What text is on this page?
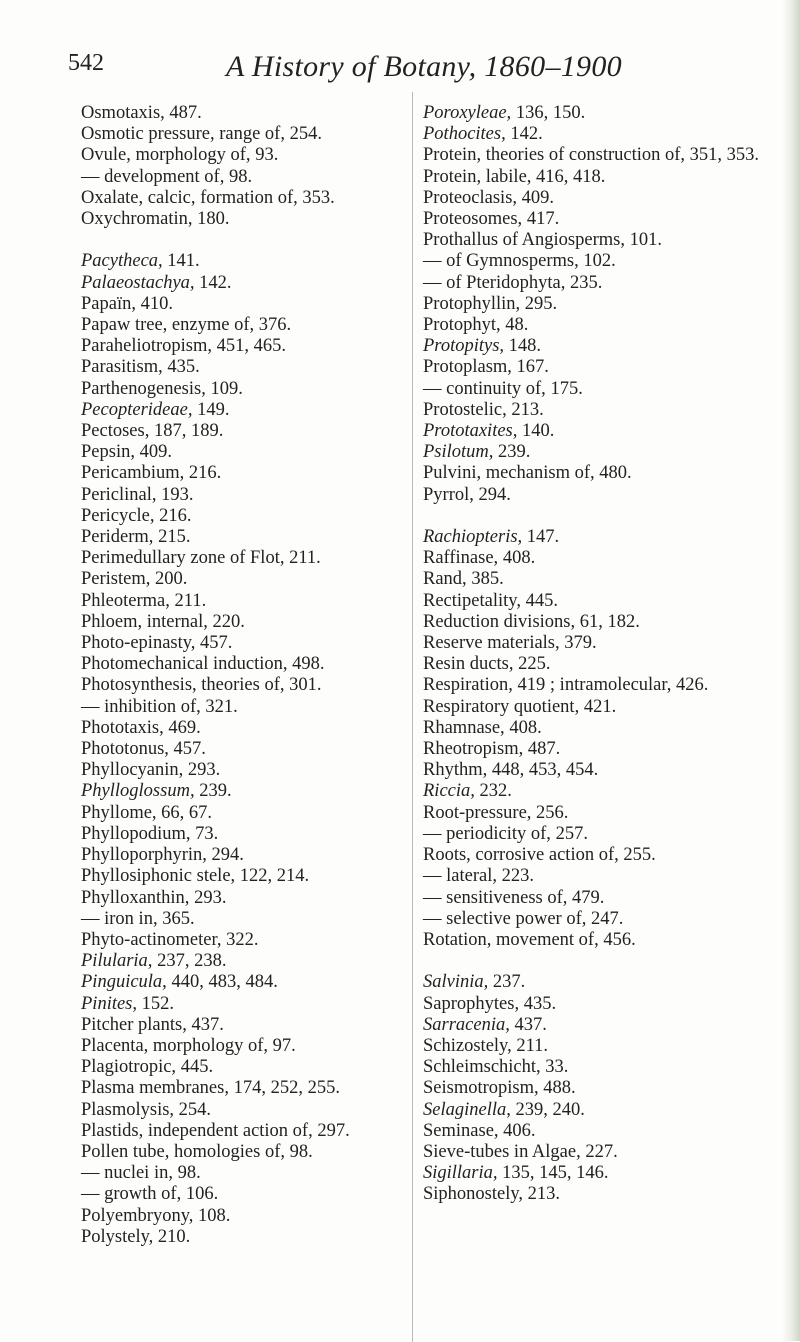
542	A History of Botany, 1860–1900
Osmotaxis, 487.
Osmotic pressure, range of, 254.
Ovule, morphology of, 93.
— development of, 98.
Oxalate, calcic, formation of, 353.
Oxychromatin, 180.
Pacytheca, 141.
Palaeostachya, 142.
Papaïn, 410.
Papaw tree, enzyme of, 376.
Paraheliotropism, 451, 465.
Parasitism, 435.
Parthenogenesis, 109.
Pecopterideae, 149.
Pectoses, 187, 189.
Pepsin, 409.
Pericambium, 216.
Periclinal, 193.
Pericycle, 216.
Periderm, 215.
Perimedullary zone of Flot, 211.
Peristem, 200.
Phleoterma, 211.
Phloem, internal, 220.
Photo-epinasty, 457.
Photomechanical induction, 498.
Photosynthesis, theories of, 301.
— inhibition of, 321.
Phototaxis, 469.
Phototonus, 457.
Phyllocyanin, 293.
Phylloglossum, 239.
Phyllome, 66, 67.
Phyllopodium, 73.
Phylloporphyrin, 294.
Phyllosiphonic stele, 122, 214.
Phylloxanthin, 293.
— iron in, 365.
Phyto-actinometer, 322.
Pilularia, 237, 238.
Pinguicula, 440, 483, 484.
Pinites, 152.
Pitcher plants, 437.
Placenta, morphology of, 97.
Plagiotropic, 445.
Plasma membranes, 174, 252, 255.
Plasmolysis, 254.
Plastids, independent action of, 297.
Pollen tube, homologies of, 98.
— nuclei in, 98.
— growth of, 106.
Polyembryony, 108.
Polystely, 210.
Poroxyleae, 136, 150.
Pothocites, 142.
Protein, theories of construction of, 351, 353.
Protein, labile, 416, 418.
Proteoclasis, 409.
Proteosomes, 417.
Prothallus of Angiosperms, 101.
— of Gymnosperms, 102.
— of Pteridophyta, 235.
Protophyllin, 295.
Protophyt, 48.
Protopitys, 148.
Protoplasm, 167.
— continuity of, 175.
Protostelic, 213.
Prototaxites, 140.
Psilotum, 239.
Pulvini, mechanism of, 480.
Pyrrol, 294.
Rachiopteris, 147.
Raffinase, 408.
Rand, 385.
Rectipetality, 445.
Reduction divisions, 61, 182.
Reserve materials, 379.
Resin ducts, 225.
Respiration, 419 ; intramolecular, 426.
Respiratory quotient, 421.
Rhamnase, 408.
Rheotropism, 487.
Rhythm, 448, 453, 454.
Riccia, 232.
Root-pressure, 256.
— periodicity of, 257.
Roots, corrosive action of, 255.
— lateral, 223.
— sensitiveness of, 479.
— selective power of, 247.
Rotation, movement of, 456.
Salvinia, 237.
Saprophytes, 435.
Sarracenia, 437.
Schizostely, 211.
Schleimschicht, 33.
Seismotropism, 488.
Selaginella, 239, 240.
Seminase, 406.
Sieve-tubes in Algae, 227.
Sigillaria, 135, 145, 146.
Siphonostely, 213.
